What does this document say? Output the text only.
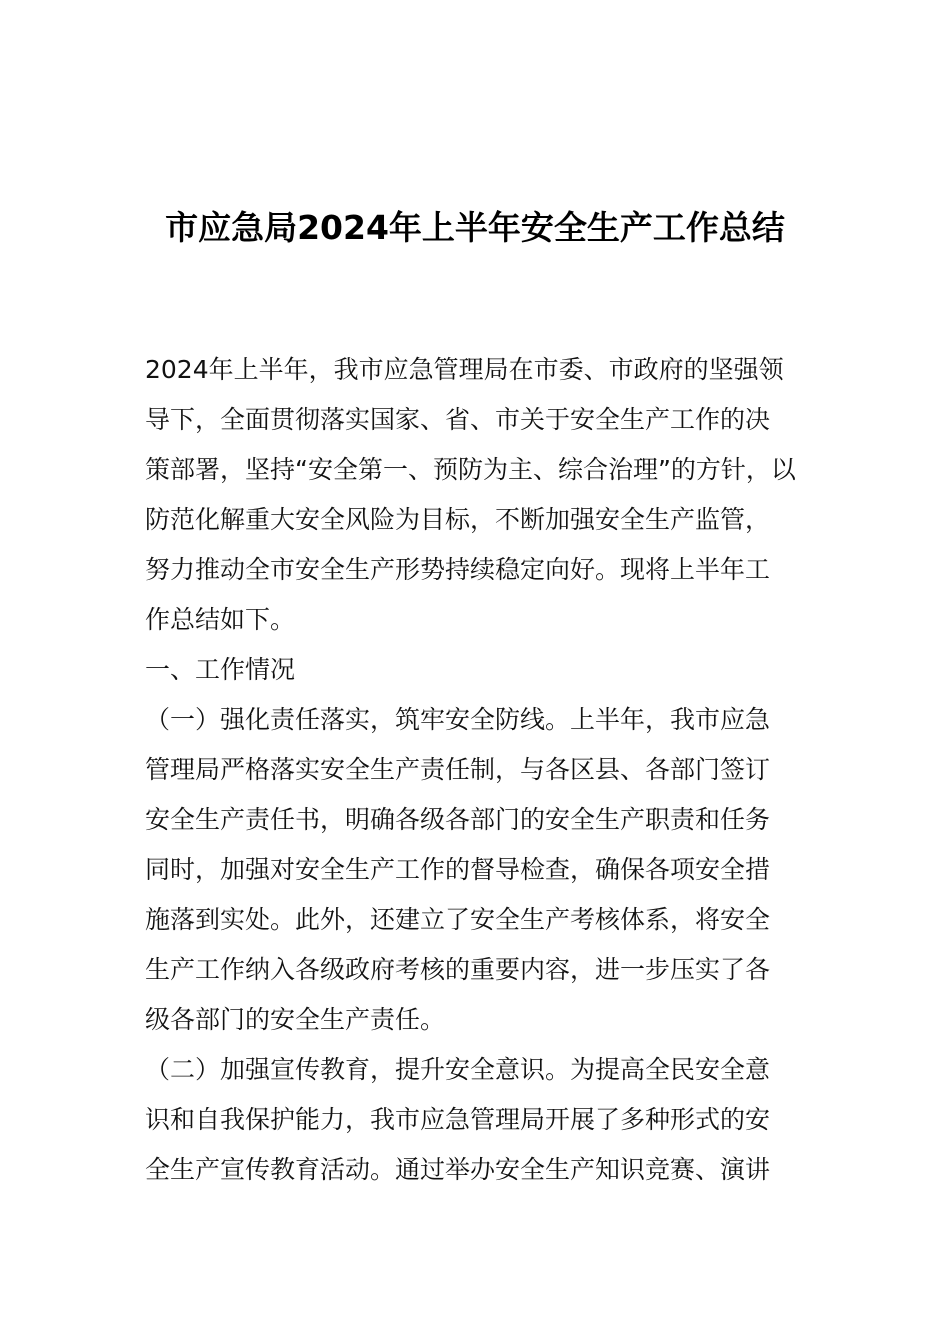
市应急局2024年上半年安全生产工作总结
2024年上半年，我市应急管理局在市委、市政府的坚强领
导下，全面贯彻落实国家、省、市关于安全生产工作的决
策部署，坚持“安全第一、预防为主、综合治理”的方针，以
防范化解重大安全风险为目标，不断加强安全生产监管，
努力推动全市安全生产形势持续稳定向好。现将上半年工
作总结如下。
一、工作情况
（一）强化责任落实，筑牢安全防线。上半年，我市应急
管理局严格落实安全生产责任制，与各区县、各部门签订
安全生产责任书，明确各级各部门的安全生产职责和任务
同时，加强对安全生产工作的督导检查，确保各项安全措
施落到实处。此外，还建立了安全生产考核体系，将安全
生产工作纳入各级政府考核的重要内容，进一步压实了各
级各部门的安全生产责任。
（二）加强宣传教育，提升安全意识。为提高全民安全意
识和自我保护能力，我市应急管理局开展了多种形式的安
全生产宣传教育活动。通过举办安全生产知识竞赛、演讲
